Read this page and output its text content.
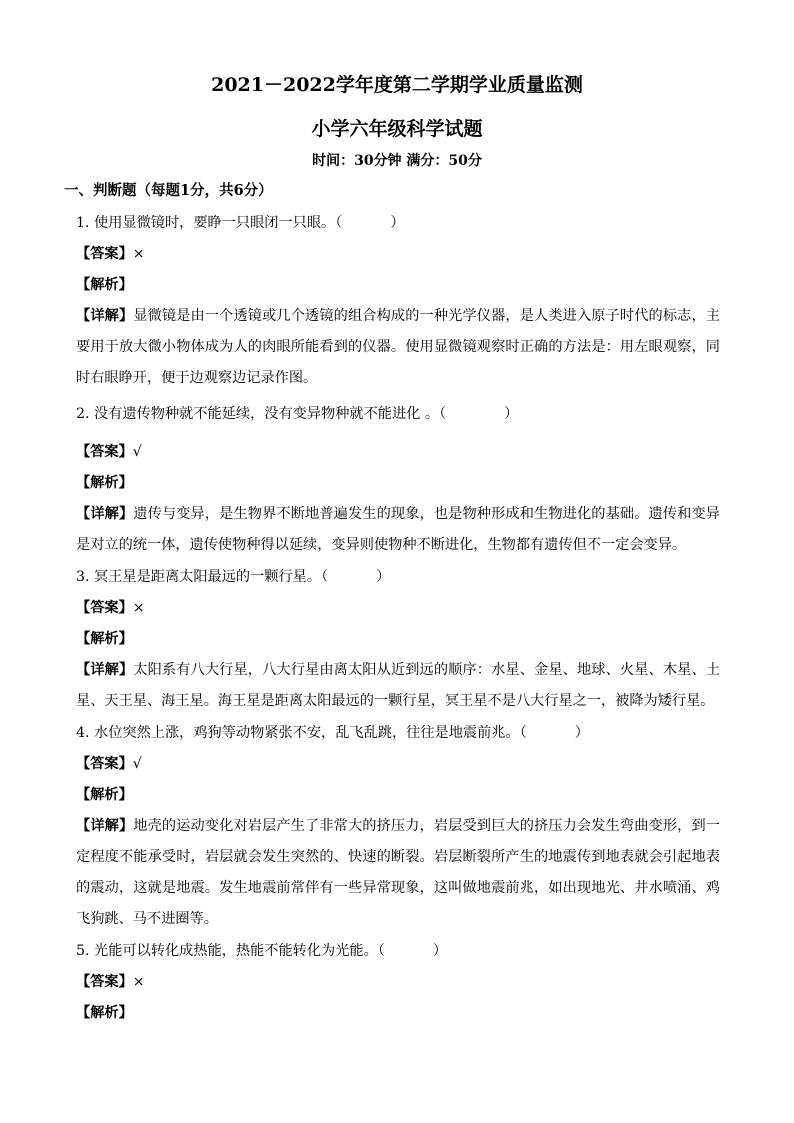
2021－2022学年度第二学期学业质量监测
小学六年级科学试题
时间：30分钟 满分：50分
一、判断题（每题1分，共6分）
1. 使用显微镜时，要睁一只眼闭一只眼。（	）
【答案】×
【解析】
【详解】显微镜是由一个透镜或几个透镜的组合构成的一种光学仪器，是人类进入原子时代的标志，主要用于放大微小物体成为人的肉眼所能看到的仪器。使用显微镜观察时正确的方法是：用左眼观察，同时右眼睁开，便于边观察边记录作图。
2. 没有遗传物种就不能延续，没有变异物种就不能进化 。（	）
【答案】√
【解析】
【详解】遗传与变异，是生物界不断地普遍发生的现象，也是物种形成和生物进化的基础。遗传和变异是对立的统一体，遗传使物种得以延续，变异则使物种不断进化，生物都有遗传但不一定会变异。
3. 冥王星是距离太阳最远的一颗行星。（	）
【答案】×
【解析】
【详解】太阳系有八大行星，八大行星由离太阳从近到远的顺序：水星、金星、地球、火星、木星、土星、天王星、海王星。海王星是距离太阳最远的一颗行星，冥王星不是八大行星之一，被降为矮行星。
4. 水位突然上涨，鸡狗等动物紧张不安，乱飞乱跳，往往是地震前兆。（	）
【答案】√
【解析】
【详解】地壳的运动变化对岩层产生了非常大的挤压力，岩层受到巨大的挤压力会发生弯曲变形，到一定程度不能承受时，岩层就会发生突然的、快速的断裂。岩层断裂所产生的地震传到地表就会引起地表的震动，这就是地震。发生地震前常伴有一些异常现象，这叫做地震前兆，如出现地光、井水喷涌、鸡飞狗跳、马不进圈等。
5. 光能可以转化成热能，热能不能转化为光能。（	）
【答案】×
【解析】
